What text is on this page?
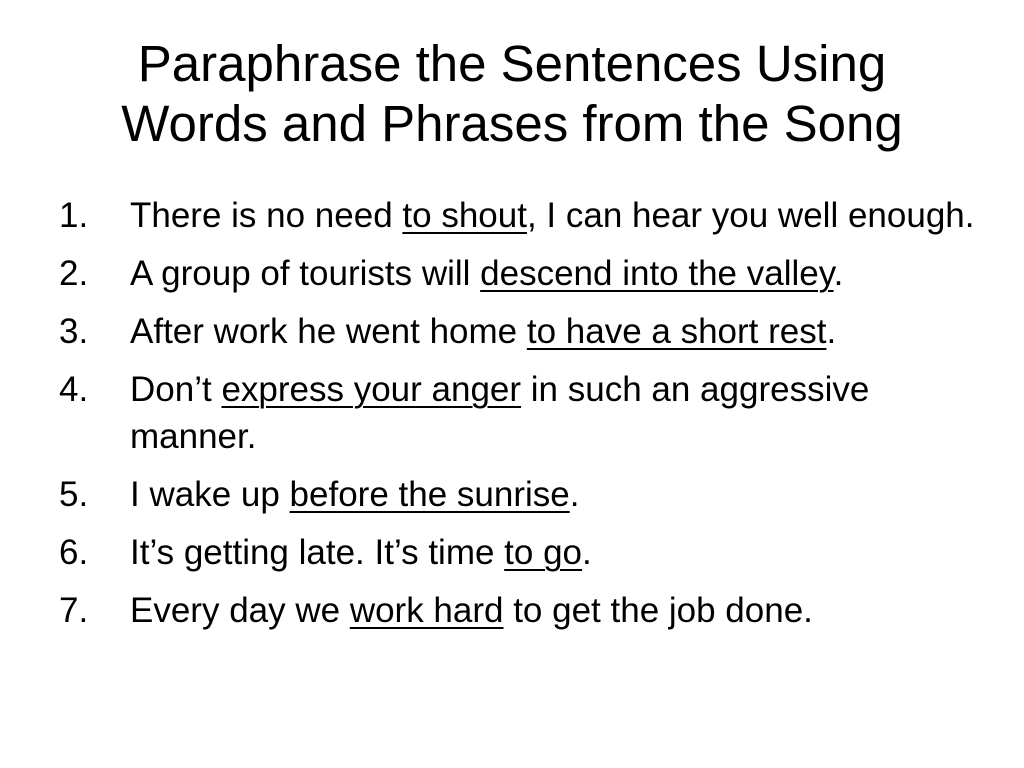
Paraphrase the Sentences Using
Words and Phrases from the Song
1. There is no need to shout, I can hear you well enough.
2. A group of tourists will descend into the valley.
3. After work he went home to have a short rest.
4. Don’t express your anger in such an aggressive manner.
5. I wake up before the sunrise.
6. It’s getting late. It’s time to go.
7. Every day we work hard to get the job done.
